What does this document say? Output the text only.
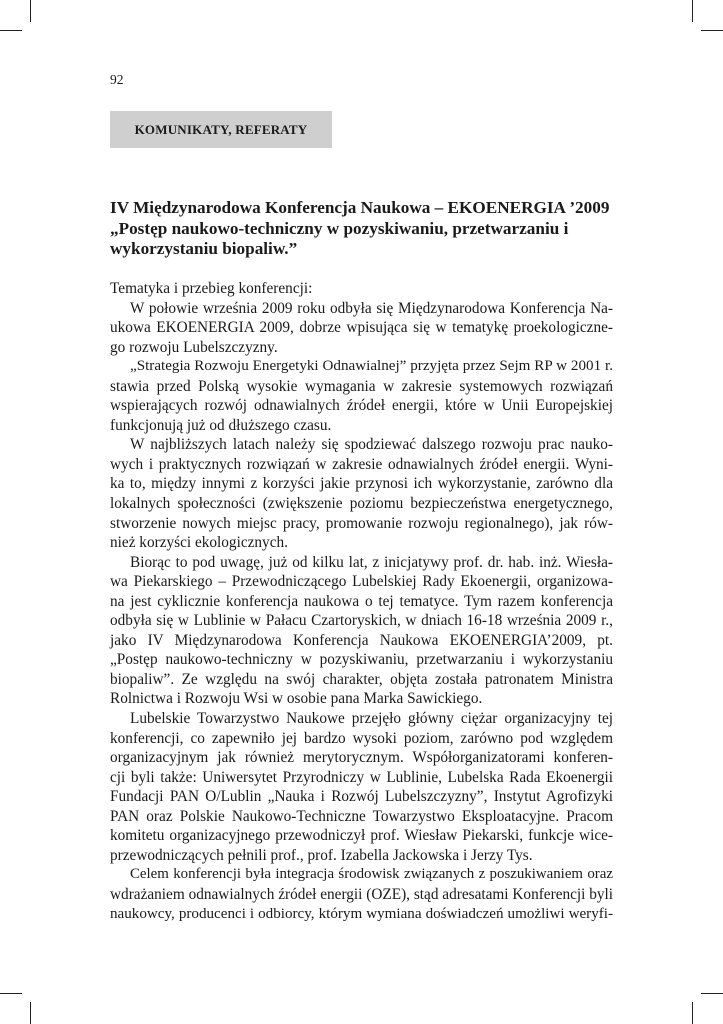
92
KOMUNIKATY, REFERATY
IV Międzynarodowa Konferencja Naukowa – EKOENERGIA ’2009
„Postęp naukowo-techniczny w pozyskiwaniu, przetwarzaniu i
wykorzystaniu biopaliw.”
Tematyka i przebieg konferencji:
W połowie września 2009 roku odbyła się Międzynarodowa Konferencja Na-
ukowa EKOENERGIA 2009, dobrze wpisująca się w tematykę proekologiczne-
go rozwoju Lubelszczyzny.
„Strategia Rozwoju Energetyki Odnawialnej” przyjęta przez Sejm RP w 2001 r.
stawia przed Polską wysokie wymagania w zakresie systemowych rozwiązań
wspierających rozwój odnawialnych źródeł energii, które w Unii Europejskiej
funkcjonują już od dłuższego czasu.
W najbliższych latach należy się spodziewać dalszego rozwoju prac nauko-
wych i praktycznych rozwiązań w zakresie odnawialnych źródeł energii. Wyni-
ka to, między innymi z korzyści jakie przynosi ich wykorzystanie, zarówno dla
lokalnych społeczności (zwiększenie poziomu bezpieczeństwa energetycznego,
stworzenie nowych miejsc pracy, promowanie rozwoju regionalnego), jak rów-
nież korzyści ekologicznych.
Biorąc to pod uwagę, już od kilku lat, z inicjatywy prof. dr. hab. inż. Wiesła-
wa Piekarskiego – Przewodniczącego Lubelskiej Rady Ekoenergii, organizowa-
na jest cyklicznie konferencja naukowa o tej tematyce. Tym razem konferencja
odbyła się w Lublinie w Pałacu Czartoryskich, w dniach 16-18 września 2009 r.,
jako IV Międzynarodowa Konferencja Naukowa EKOENERGIA’2009, pt.
„Postęp naukowo-techniczny w pozyskiwaniu, przetwarzaniu i wykorzystaniu
biopaliw”. Ze względu na swój charakter, objęta została patronatem Ministra
Rolnictwa i Rozwoju Wsi w osobie pana Marka Sawickiego.
Lubelskie Towarzystwo Naukowe przejęło główny ciężar organizacyjny tej
konferencji, co zapewniło jej bardzo wysoki poziom, zarówno pod względem
organizacyjnym jak również merytorycznym. Współorganizatorami konferen-
cji byli także: Uniwersytet Przyrodniczy w Lublinie, Lubelska Rada Ekoenergii
Fundacji PAN O/Lublin „Nauka i Rozwój Lubelszczyzny”, Instytut Agrofizyki
PAN oraz Polskie Naukowo-Techniczne Towarzystwo Eksploatacyjne. Pracom
komitetu organizacyjnego przewodniczył prof. Wiesław Piekarski, funkcje wice-
przewodniczących pełnili prof., prof. Izabella Jackowska i Jerzy Tys.
Celem konferencji była integracja środowisk związanych z poszukiwaniem oraz
wdrażaniem odnawialnych źródeł energii (OZE), stąd adresatami Konferencji byli
naukowcy, producenci i odbiorcy, którym wymiana doświadczeń umożliwi weryfi-
